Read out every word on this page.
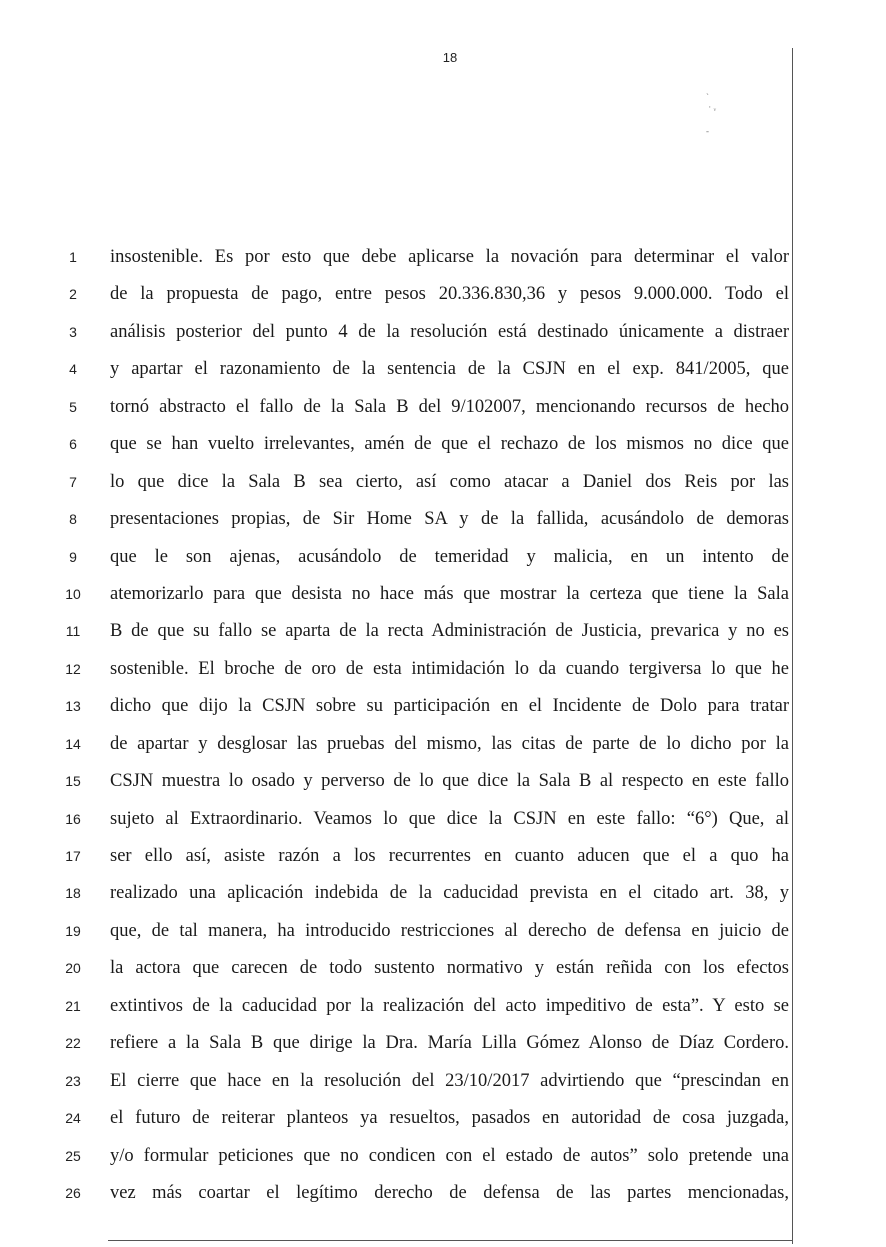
18
`
· ᵥ
-
1
2
3
4
5
6
7
8
9
10
11
12
13
14
15
16
17
18
19
20
21
22
23
24
25
26
insostenible. Es por esto que debe aplicarse la novación para determinar el valor
de la propuesta de pago, entre pesos 20.336.830,36 y pesos 9.000.000. Todo el
análisis posterior del punto 4 de la resolución está destinado únicamente a distraer
y apartar el razonamiento de la sentencia de la CSJN en el exp. 841/2005, que
tornó abstracto el fallo de la Sala B del 9/102007, mencionando recursos de hecho
que se han vuelto irrelevantes, amén de que el rechazo de los mismos no dice que
lo que dice la Sala B sea cierto, así como atacar a Daniel dos Reis por las
presentaciones propias, de Sir Home SA y de la fallida, acusándolo de demoras
que le son ajenas, acusándolo de temeridad y malicia, en un intento de
atemorizarlo para que desista no hace más que mostrar la certeza que tiene la Sala
B de que su fallo se aparta de la recta Administración de Justicia, prevarica y no es
sostenible. El broche de oro de esta intimidación lo da cuando tergiversa lo que he
dicho que dijo la CSJN sobre su participación en el Incidente de Dolo para tratar
de apartar y desglosar las pruebas del mismo, las citas de parte de lo dicho por la
CSJN muestra lo osado y perverso de lo que dice la Sala B al respecto en este fallo
sujeto al Extraordinario. Veamos lo que dice la CSJN en este fallo: “6°) Que, al
ser ello así, asiste razón a los recurrentes en cuanto aducen que el a quo ha
realizado una aplicación indebida de la caducidad prevista en el citado art. 38, y
que, de tal manera, ha introducido restricciones al derecho de defensa en juicio de
la actora que carecen de todo sustento normativo y están reñida con los efectos
extintivos de la caducidad por la realización del acto impeditivo de esta”. Y esto se
refiere a la Sala B que dirige la Dra. María Lilla Gómez Alonso de Díaz Cordero.
El cierre que hace en la resolución del 23/10/2017 advirtiendo que “prescindan en
el futuro de reiterar planteos ya resueltos, pasados en autoridad de cosa juzgada,
y/o formular peticiones que no condicen con el estado de autos” solo pretende una
vez más coartar el legítimo derecho de defensa de las partes mencionadas,
